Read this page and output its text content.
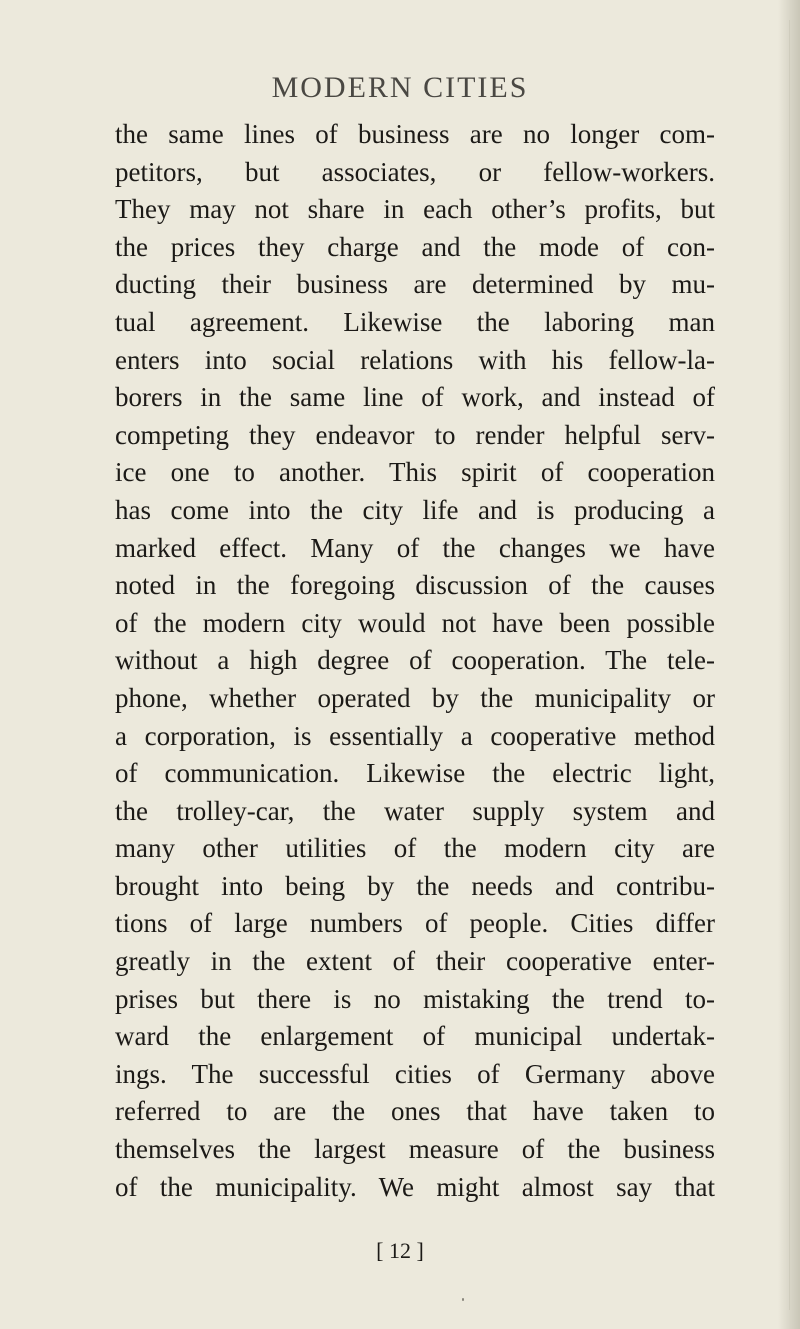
MODERN CITIES
the same lines of business are no longer com-
petitors, but associates, or fellow-workers.
They may not share in each other’s profits, but
the prices they charge and the mode of con-
ducting their business are determined by mu-
tual agreement. Likewise the laboring man
enters into social relations with his fellow-la-
borers in the same line of work, and instead of
competing they endeavor to render helpful serv-
ice one to another. This spirit of cooperation
has come into the city life and is producing a
marked effect. Many of the changes we have
noted in the foregoing discussion of the causes
of the modern city would not have been possible
without a high degree of cooperation. The tele-
phone, whether operated by the municipality or
a corporation, is essentially a cooperative method
of communication. Likewise the electric light,
the trolley-car, the water supply system and
many other utilities of the modern city are
brought into being by the needs and contribu-
tions of large numbers of people. Cities differ
greatly in the extent of their cooperative enter-
prises but there is no mistaking the trend to-
ward the enlargement of municipal undertak-
ings. The successful cities of Germany above
referred to are the ones that have taken to
themselves the largest measure of the business
of the municipality. We might almost say that
[ 12 ]
